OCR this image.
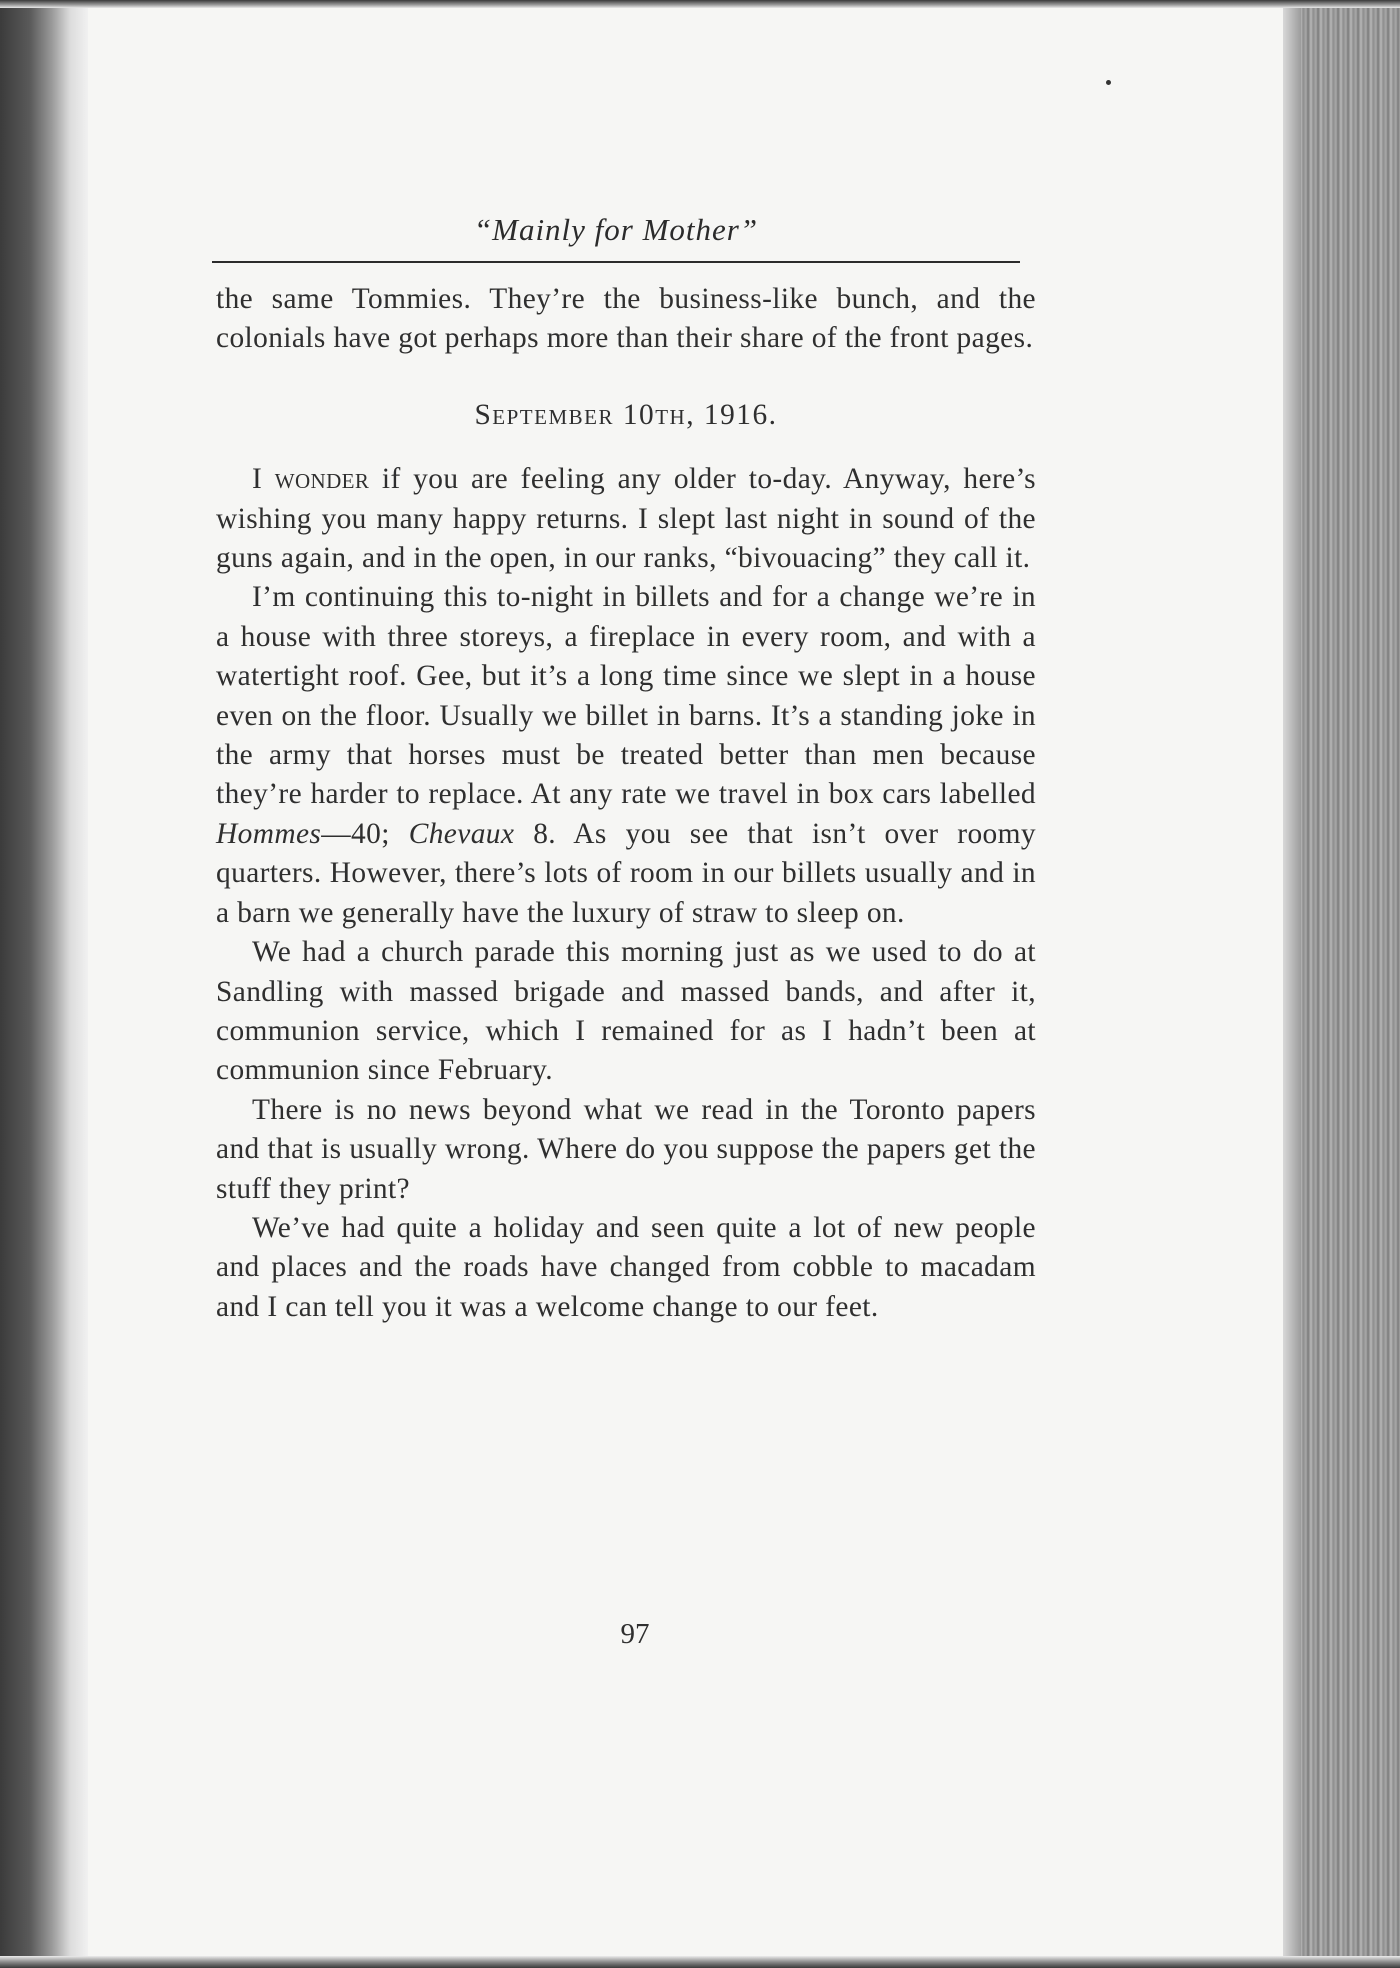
“Mainly for Mother”

the same Tommies. They’re the business-like bunch, and the colonials have got perhaps more than their share of the front pages.

September 10th, 1916.

I wonder if you are feeling any older to-day. Anyway, here’s wishing you many happy returns. I slept last night in sound of the guns again, and in the open, in our ranks, “bivouacing” they call it.

I’m continuing this to-night in billets and for a change we’re in a house with three storeys, a fireplace in every room, and with a watertight roof. Gee, but it’s a long time since we slept in a house even on the floor. Usually we billet in barns. It’s a standing joke in the army that horses must be treated better than men because they’re harder to replace. At any rate we travel in box cars labelled Hommes—40; Chevaux 8. As you see that isn’t over roomy quarters. However, there’s lots of room in our billets usually and in a barn we generally have the luxury of straw to sleep on.

We had a church parade this morning just as we used to do at Sandling with massed brigade and massed bands, and after it, communion service, which I remained for as I hadn’t been at communion since February.

There is no news beyond what we read in the Toronto papers and that is usually wrong. Where do you suppose the papers get the stuff they print?

We’ve had quite a holiday and seen quite a lot of new people and places and the roads have changed from cobble to macadam and I can tell you it was a welcome change to our feet.

97
